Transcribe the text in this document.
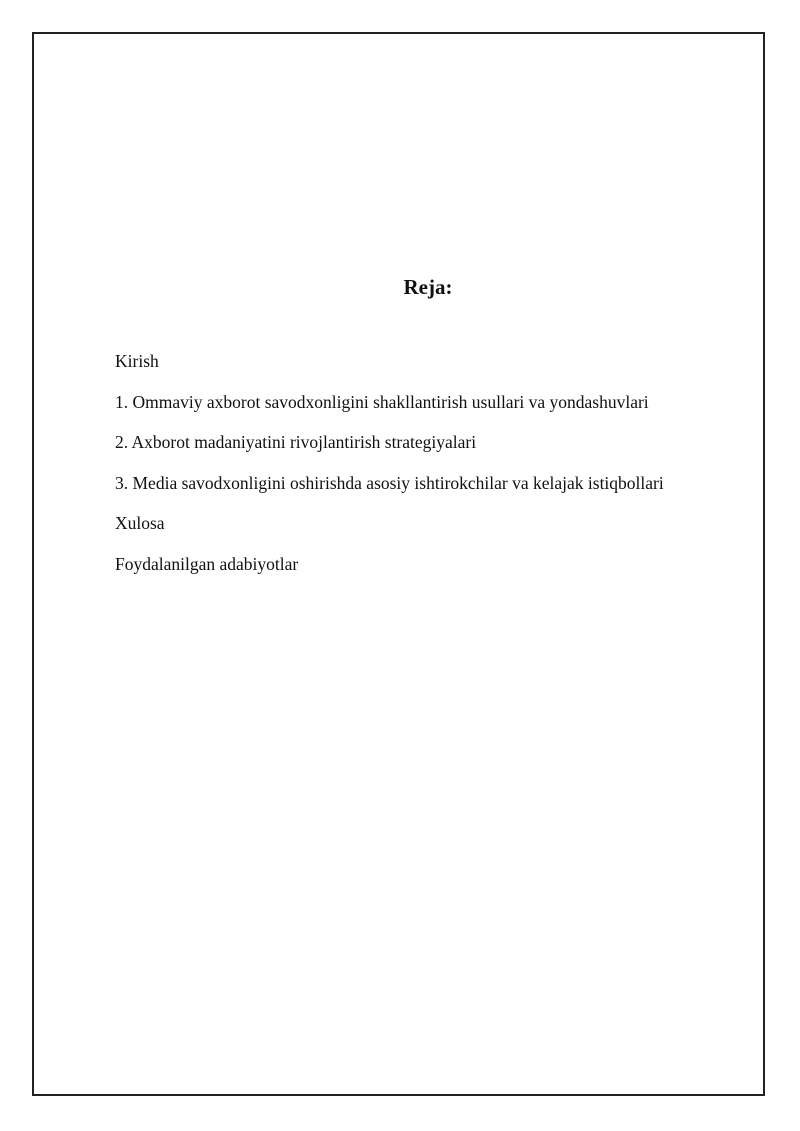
Reja:
Kirish
1. Ommaviy axborot savodxonligini shakllantirish usullari va yondashuvlari
2. Axborot madaniyatini rivojlantirish strategiyalari
3. Media savodxonligini oshirishda asosiy ishtirokchilar va kelajak istiqbollari
Xulosa
Foydalanilgan adabiyotlar
